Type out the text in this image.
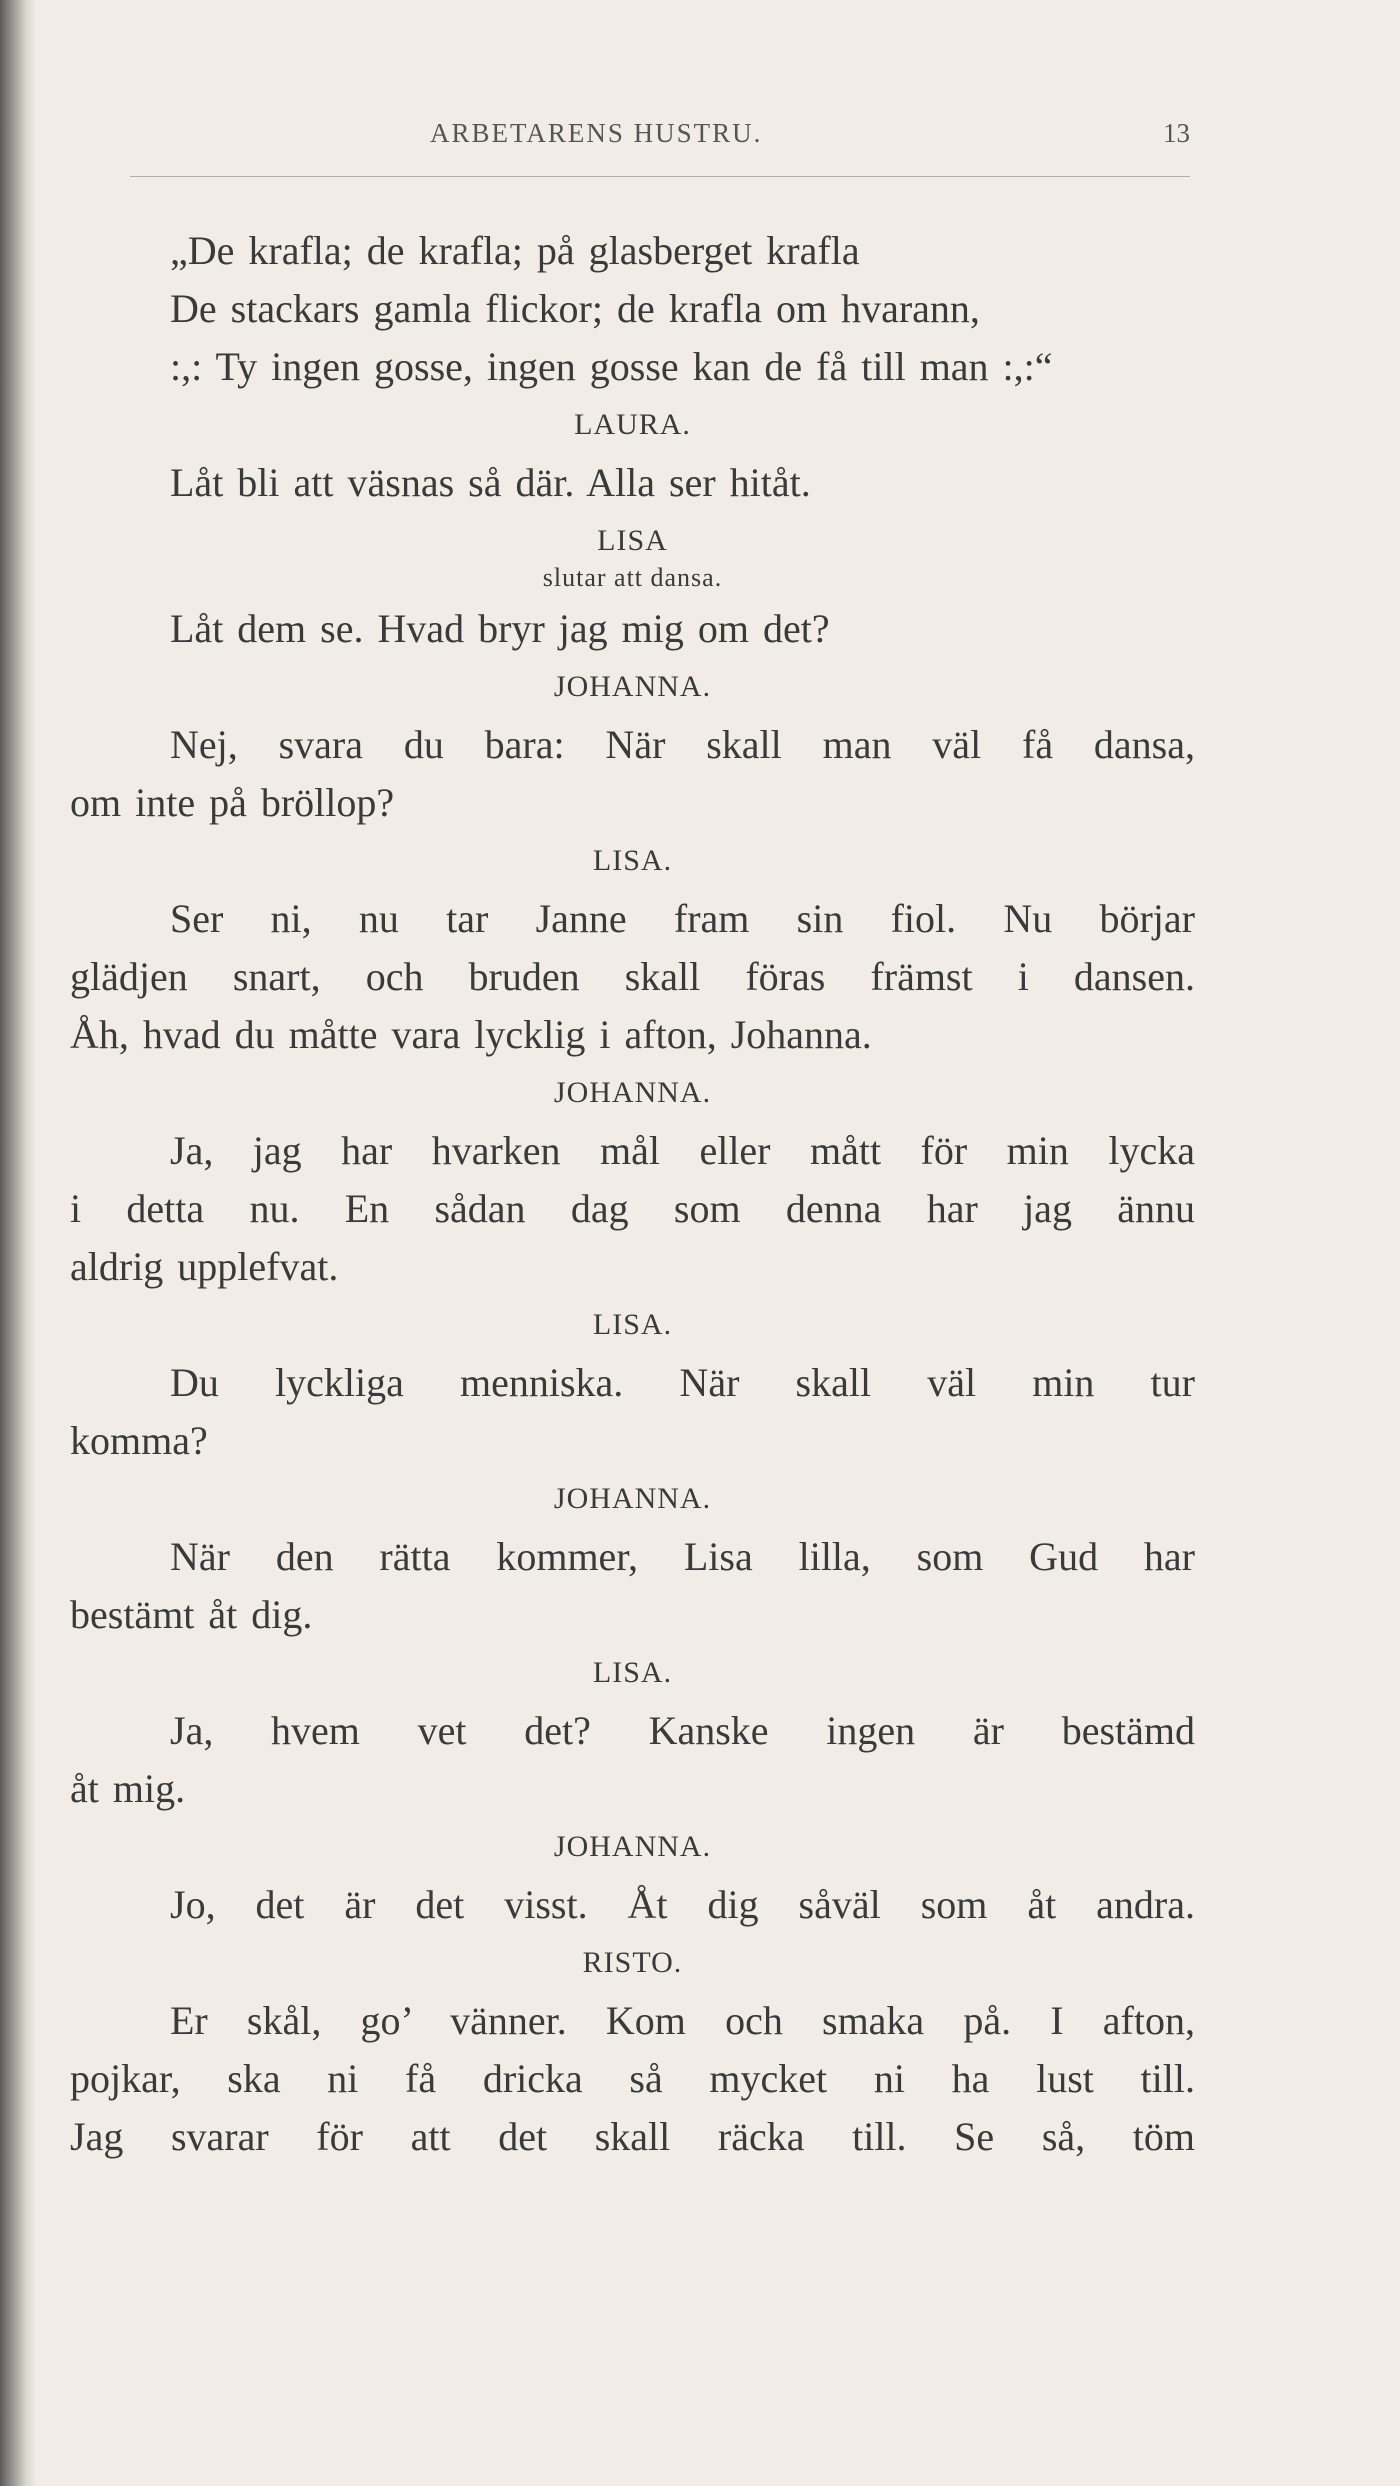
ARBETARENS HUSTRU.	13
„De krafla; de krafla; på glasberget krafla
De stackars gamla flickor; de krafla om hvarann,
:,: Ty ingen gosse, ingen gosse kan de få till man :,:“
LAURA.
Låt bli att väsnas så där. Alla ser hitåt.
LISA
slutar att dansa.
Låt dem se. Hvad bryr jag mig om det?
JOHANNA.
Nej, svara du bara: När skall man väl få dansa,
om inte på bröllop?
LISA.
Ser ni, nu tar Janne fram sin fiol. Nu börjar
glädjen snart, och bruden skall föras främst i dansen.
Åh, hvad du måtte vara lycklig i afton, Johanna.
JOHANNA.
Ja, jag har hvarken mål eller mått för min lycka
i detta nu. En sådan dag som denna har jag ännu
aldrig upplefvat.
LISA.
Du lyckliga menniska. När skall väl min tur
komma?
JOHANNA.
När den rätta kommer, Lisa lilla, som Gud har
bestämt åt dig.
LISA.
Ja, hvem vet det? Kanske ingen är bestämd
åt mig.
JOHANNA.
Jo, det är det visst. Åt dig såväl som åt andra.
RISTO.
Er skål, go’ vänner. Kom och smaka på. I afton,
pojkar, ska ni få dricka så mycket ni ha lust till.
Jag svarar för att det skall räcka till. Se så, töm
